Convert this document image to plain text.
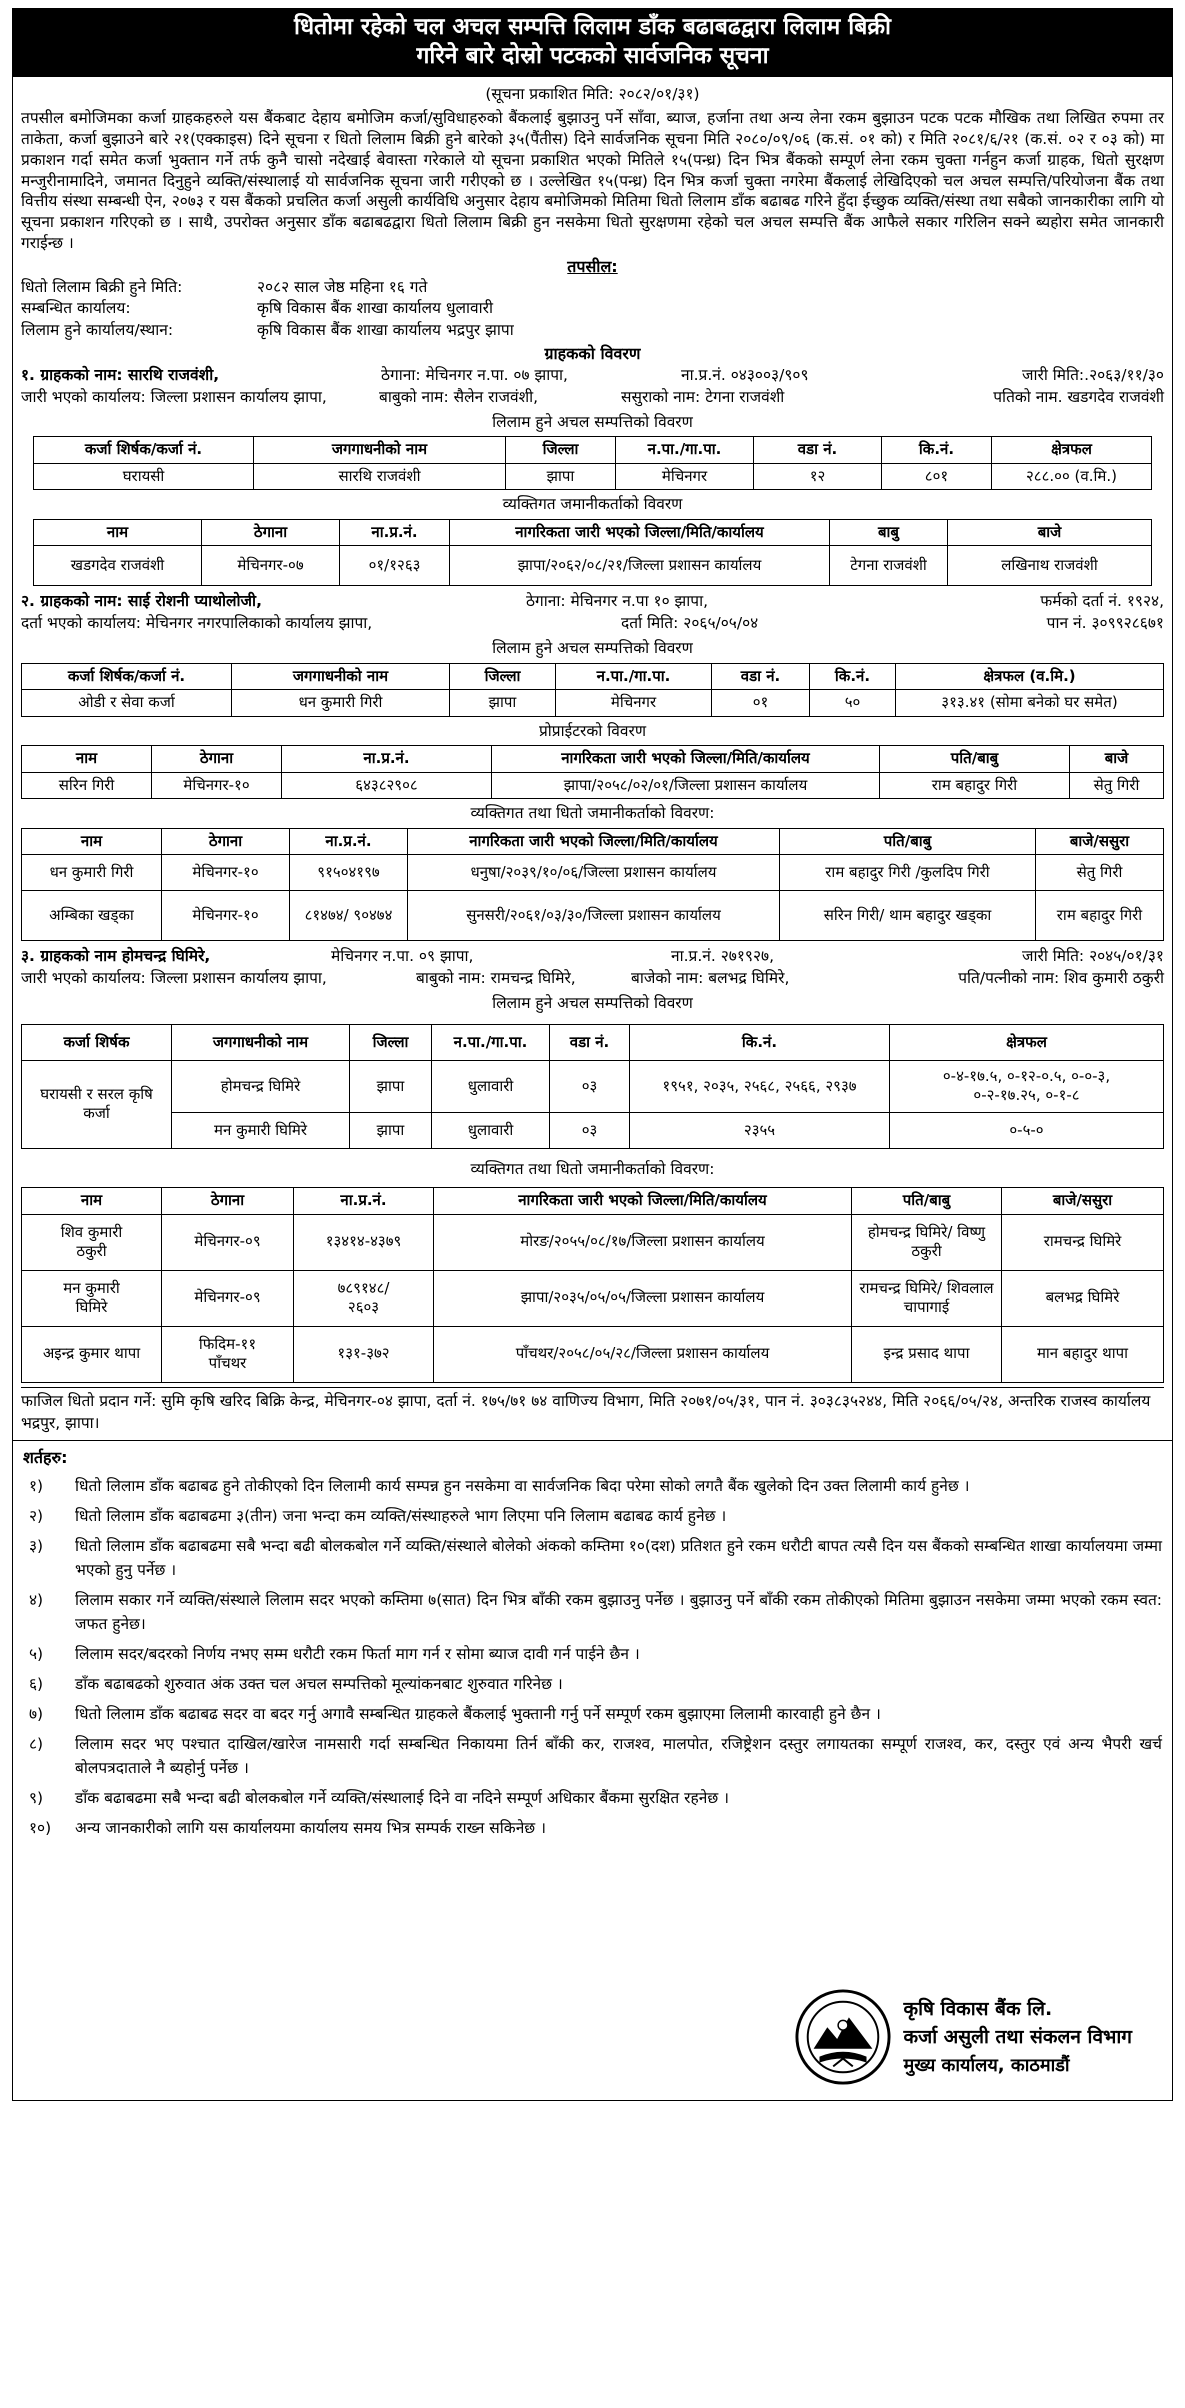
धितोमा रहेको चल अचल सम्पत्ति लिलाम डाँक बढाबढद्वारा लिलाम बिक्री
गरिने बारे दोस्रो पटकको सार्वजनिक सूचना
(सूचना प्रकाशित मिति: २०८२/०१/३१)

तपसील बमोजिमका कर्जा ग्राहकहरुले यस बैंकबाट देहाय बमोजिम कर्जा/सुविधाहरुको बैंकलाई बुझाउनु पर्ने साँवा, ब्याज, हर्जाना तथा अन्य लेना रकम बुझाउन पटक पटक मौखिक तथा लिखित रुपमा तर ताकेता, कर्जा बुझाउने बारे २१(एक्काइस) दिने सूचना र धितो लिलाम बिक्री हुने बारेको ३५(पैंतीस) दिने सार्वजनिक सूचना मिति २०८०/०९/०६ (क.सं. ०१ को) र मिति २०८१/६/२१ (क.सं. ०२ र ०३ को) मा प्रकाशन गर्दा समेत कर्जा भुक्तान गर्ने तर्फ कुनै चासो नदेखाई बेवास्ता गरेकाले यो सूचना प्रकाशित भएको मितिले १५(पन्ध्र) दिन भित्र बैंकको सम्पूर्ण लेना रकम चुक्ता गर्नहुन कर्जा ग्राहक, धितो सुरक्षण मन्जुरीनामादिने, जमानत दिनुहुने व्यक्ति/संस्थालाई यो सार्वजनिक सूचना जारी गरीएको छ । उल्लेखित १५(पन्ध्र) दिन भित्र कर्जा चुक्ता नगरेमा बैंकलाई लेखिदिएको चल अचल सम्पत्ति/परियोजना बैंक तथा वित्तीय संस्था सम्बन्धी ऐन, २०७३ र यस बैंकको प्रचलित कर्जा असुली कार्यविधि अनुसार देहाय बमोजिमको मितिमा धितो लिलाम डाँक बढाबढ गरिने हुँदा ईच्छुक व्यक्ति/संस्था तथा सबैको जानकारीका लागि यो सूचना प्रकाशन गरिएको छ । साथै, उपरोक्त अनुसार डाँक बढाबढद्वारा धितो लिलाम बिक्री हुन नसकेमा धितो सुरक्षणमा रहेको चल अचल सम्पत्ति बैंक आफैले सकार गरिलिन सक्ने ब्यहोरा समेत जानकारी गराईन्छ ।

तपसील:
धितो लिलाम बिक्री हुने मिति:	२०८२ साल जेष्ठ महिना १६ गते
सम्बन्धित कार्यालय:	कृषि विकास बैंक शाखा कार्यालय धुलावारी
लिलाम हुने कार्यालय/स्थान:	कृषि विकास बैंक शाखा कार्यालय भद्रपुर झापा
ग्राहकको विवरण
१. ग्राहकको नाम: सारथि राजवंशी,	ठेगाना: मेचिनगर न.पा. ०७ झापा,	ना.प्र.नं. ०४३००३/९०९	जारी मिति:.२०६३/११/३०
जारी भएको कार्यालय: जिल्ला प्रशासन कार्यालय झापा,	बाबुको नाम: सैलेन राजवंशी,	ससुराको नाम: टेगना राजवंशी	पतिको नाम. खडगदेव राजवंशी
लिलाम हुने अचल सम्पत्तिको विवरण
कर्जा शिर्षक/कर्जा नं.	जगगाधनीको नाम	जिल्ला	न.पा./गा.पा.	वडा नं.	कि.नं.	क्षेत्रफल
घरायसी	सारथि राजवंशी	झापा	मेचिनगर	१२	८०१	२८८.०० (व.मि.)
व्यक्तिगत जमानीकर्ताको विवरण
नाम	ठेगाना	ना.प्र.नं.	नागरिकता जारी भएको जिल्ला/मिति/कार्यालय	बाबु	बाजे
खडगदेव राजवंशी	मेचिनगर-०७	०१/१२६३	झापा/२०६२/०८/२१/जिल्ला प्रशासन कार्यालय	टेगना राजवंशी	लखिनाथ राजवंशी
२. ग्राहकको नाम: साई रोशनी प्याथोलोजी,	ठेगाना: मेचिनगर न.पा १० झापा,	फर्मको दर्ता नं. १९२४,
दर्ता भएको कार्यालय: मेचिनगर नगरपालिकाको कार्यालय झापा,	दर्ता मिति: २०६५/०५/०४	पान नं. ३०९९२८६७१
लिलाम हुने अचल सम्पत्तिको विवरण
कर्जा शिर्षक/कर्जा नं.	जगगाधनीको नाम	जिल्ला	न.पा./गा.पा.	वडा नं.	कि.नं.	क्षेत्रफल (व.मि.)
ओडी र सेवा कर्जा	धन कुमारी गिरी	झापा	मेचिनगर	०१	५०	३१३.४१ (सोमा बनेको घर समेत)
प्रोप्राईटरको विवरण
नाम	ठेगाना	ना.प्र.नं.	नागरिकता जारी भएको जिल्ला/मिति/कार्यालय	पति/बाबु	बाजे
सरिन गिरी	मेचिनगर-१०	६४३८२९०८	झापा/२०५८/०२/०१/जिल्ला प्रशासन कार्यालय	राम बहादुर गिरी	सेतु गिरी
व्यक्तिगत तथा धितो जमानीकर्ताको विवरण:
नाम	ठेगाना	ना.प्र.नं.	नागरिकता जारी भएको जिल्ला/मिति/कार्यालय	पति/बाबु	बाजे/ससुरा
धन कुमारी गिरी	मेचिनगर-१०	९१५०४१९७	धनुषा/२०३९/१०/०६/जिल्ला प्रशासन कार्यालय	राम बहादुर गिरी /कुलदिप गिरी	सेतु गिरी
अम्बिका खड्का	मेचिनगर-१०	८१४७४/ ९०४७४	सुनसरी/२०६१/०३/३०/जिल्ला प्रशासन कार्यालय	सरिन गिरी/ थाम बहादुर खड्का	राम बहादुर गिरी
३. ग्राहकको नाम होमचन्द्र घिमिरे,	मेचिनगर न.पा. ०९ झापा,	ना.प्र.नं. २७१९२७,	जारी मिति: २०४५/०१/३१
जारी भएको कार्यालय: जिल्ला प्रशासन कार्यालय झापा,	बाबुको नाम: रामचन्द्र घिमिरे,	बाजेको नाम: बलभद्र घिमिरे,	पति/पत्नीको नाम: शिव कुमारी ठकुरी
लिलाम हुने अचल सम्पत्तिको विवरण
कर्जा शिर्षक	जगगाधनीको नाम	जिल्ला	न.पा./गा.पा.	वडा नं.	कि.नं.	क्षेत्रफल
घरायसी र सरल कृषि कर्जा	होमचन्द्र घिमिरे	झापा	धुलावारी	०३	१९५१, २०३५, २५६८, २५६६, २९३७	०-४-१७.५, ०-१२-०.५, ०-०-३, ०-२-१७.२५, ०-१-८
	मन कुमारी घिमिरे	झापा	धुलावारी	०३	२३५५	०-५-०
व्यक्तिगत तथा धितो जमानीकर्ताको विवरण:
नाम	ठेगाना	ना.प्र.नं.	नागरिकता जारी भएको जिल्ला/मिति/कार्यालय	पति/बाबु	बाजे/ससुरा
शिव कुमारी ठकुरी	मेचिनगर-०९	१३४१४-४३७९	मोरङ/२०५५/०८/१७/जिल्ला प्रशासन कार्यालय	होमचन्द्र घिमिरे/ विष्णु ठकुरी	रामचन्द्र घिमिरे
मन कुमारी घिमिरे	मेचिनगर-०९	७८९१४८/ २६०३	झापा/२०३५/०५/०५/जिल्ला प्रशासन कार्यालय	रामचन्द्र घिमिरे/ शिवलाल चापागाई	बलभद्र घिमिरे
अइन्द्र कुमार थापा	फिदिम-११ पाँचथर	१३१-३७२	पाँचथर/२०५८/०५/२८/जिल्ला प्रशासन कार्यालय	इन्द्र प्रसाद थापा	मान बहादुर थापा
फाजिल धितो प्रदान गर्ने: सुमि कृषि खरिद बिक्रि केन्द्र, मेचिनगर-०४ झापा, दर्ता नं. १७५/७१ ७४ वाणिज्य विभाग, मिति २०७१/०५/३१, पान नं. ३०३८३५२४४, मिति २०६६/०५/२४, अन्तरिक राजस्व कार्यालय भद्रपुर, झापा।
शर्तहरु:
१)	धितो लिलाम डाँक बढाबढ हुने तोकीएको दिन लिलामी कार्य सम्पन्न हुन नसकेमा वा सार्वजनिक बिदा परेमा सोको लगतै बैंक खुलेको दिन उक्त लिलामी कार्य हुनेछ ।
२)	धितो लिलाम डाँक बढाबढमा ३(तीन) जना भन्दा कम व्यक्ति/संस्थाहरुले भाग लिएमा पनि लिलाम बढाबढ कार्य हुनेछ ।
३)	धितो लिलाम डाँक बढाबढमा सबै भन्दा बढी बोलकबोल गर्ने व्यक्ति/संस्थाले बोलेको अंकको कम्तिमा १०(दश) प्रतिशत हुने रकम धरौटी बापत त्यसै दिन यस बैंकको सम्बन्धित शाखा कार्यालयमा जम्मा भएको हुनु पर्नेछ ।
४)	लिलाम सकार गर्ने व्यक्ति/संस्थाले लिलाम सदर भएको कम्तिमा ७(सात) दिन भित्र बाँकी रकम बुझाउनु पर्नेछ । बुझाउनु पर्ने बाँकी रकम तोकीएको मितिमा बुझाउन नसकेमा जम्मा भएको रकम स्वत: जफत हुनेछ।
५)	लिलाम सदर/बदरको निर्णय नभए सम्म धरौटी रकम फिर्ता माग गर्न र सोमा ब्याज दावी गर्न पाईने छैन ।
६)	डाँक बढाबढको शुरुवात अंक उक्त चल अचल सम्पत्तिको मूल्यांकनबाट शुरुवात गरिनेछ ।
७)	धितो लिलाम डाँक बढाबढ सदर वा बदर गर्नु अगावै सम्बन्धित ग्राहकले बैंकलाई भुक्तानी गर्नु पर्ने सम्पूर्ण रकम बुझाएमा लिलामी कारवाही हुने छैन ।
८)	लिलाम सदर भए पश्चात दाखिल/खारेज नामसारी गर्दा सम्बन्धित निकायमा तिर्न बाँकी कर, राजश्व, मालपोत, रजिष्ट्रेशन दस्तुर लगायतका सम्पूर्ण राजश्व, कर, दस्तुर एवं अन्य भैपरी खर्च बोलपत्रदाताले नै ब्यहोर्नु पर्नेछ ।
९)	डाँक बढाबढमा सबै भन्दा बढी बोलकबोल गर्ने व्यक्ति/संस्थालाई दिने वा नदिने सम्पूर्ण अधिकार बैंकमा सुरक्षित रहनेछ ।
१०)	अन्य जानकारीको लागि यस कार्यालयमा कार्यालय समय भित्र सम्पर्क राख्न सकिनेछ ।
कृषि विकास बैंक लि.
कर्जा असुली तथा संकलन विभाग
मुख्य कार्यालय, काठमाडौं
